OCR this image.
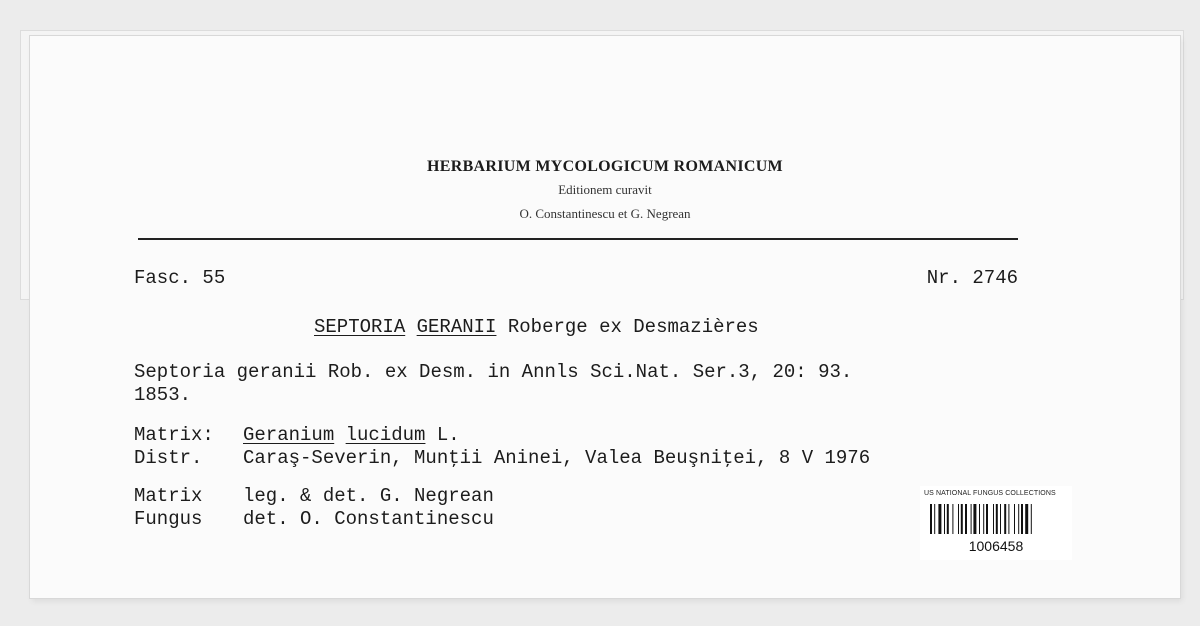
HERBARIUM MYCOLOGICUM ROMANICUM
Editionem curavit
O. Constantinescu et G. Negrean
Fasc. 55	Nr. 2746
SEPTORIA GERANII Roberge ex Desmazières
Septoria geranii Rob. ex Desm. in Annls Sci.Nat. Ser.3, 20: 93.
1853.
Matrix: Geranium lucidum L.
Distr. Caraş-Severin, Munţii Aninei, Valea Beuşniţei, 8 V 1976
Matrix leg. & det. G. Negrean
Fungus det. O. Constantinescu
US NATIONAL FUNGUS COLLECTIONS
1006458
